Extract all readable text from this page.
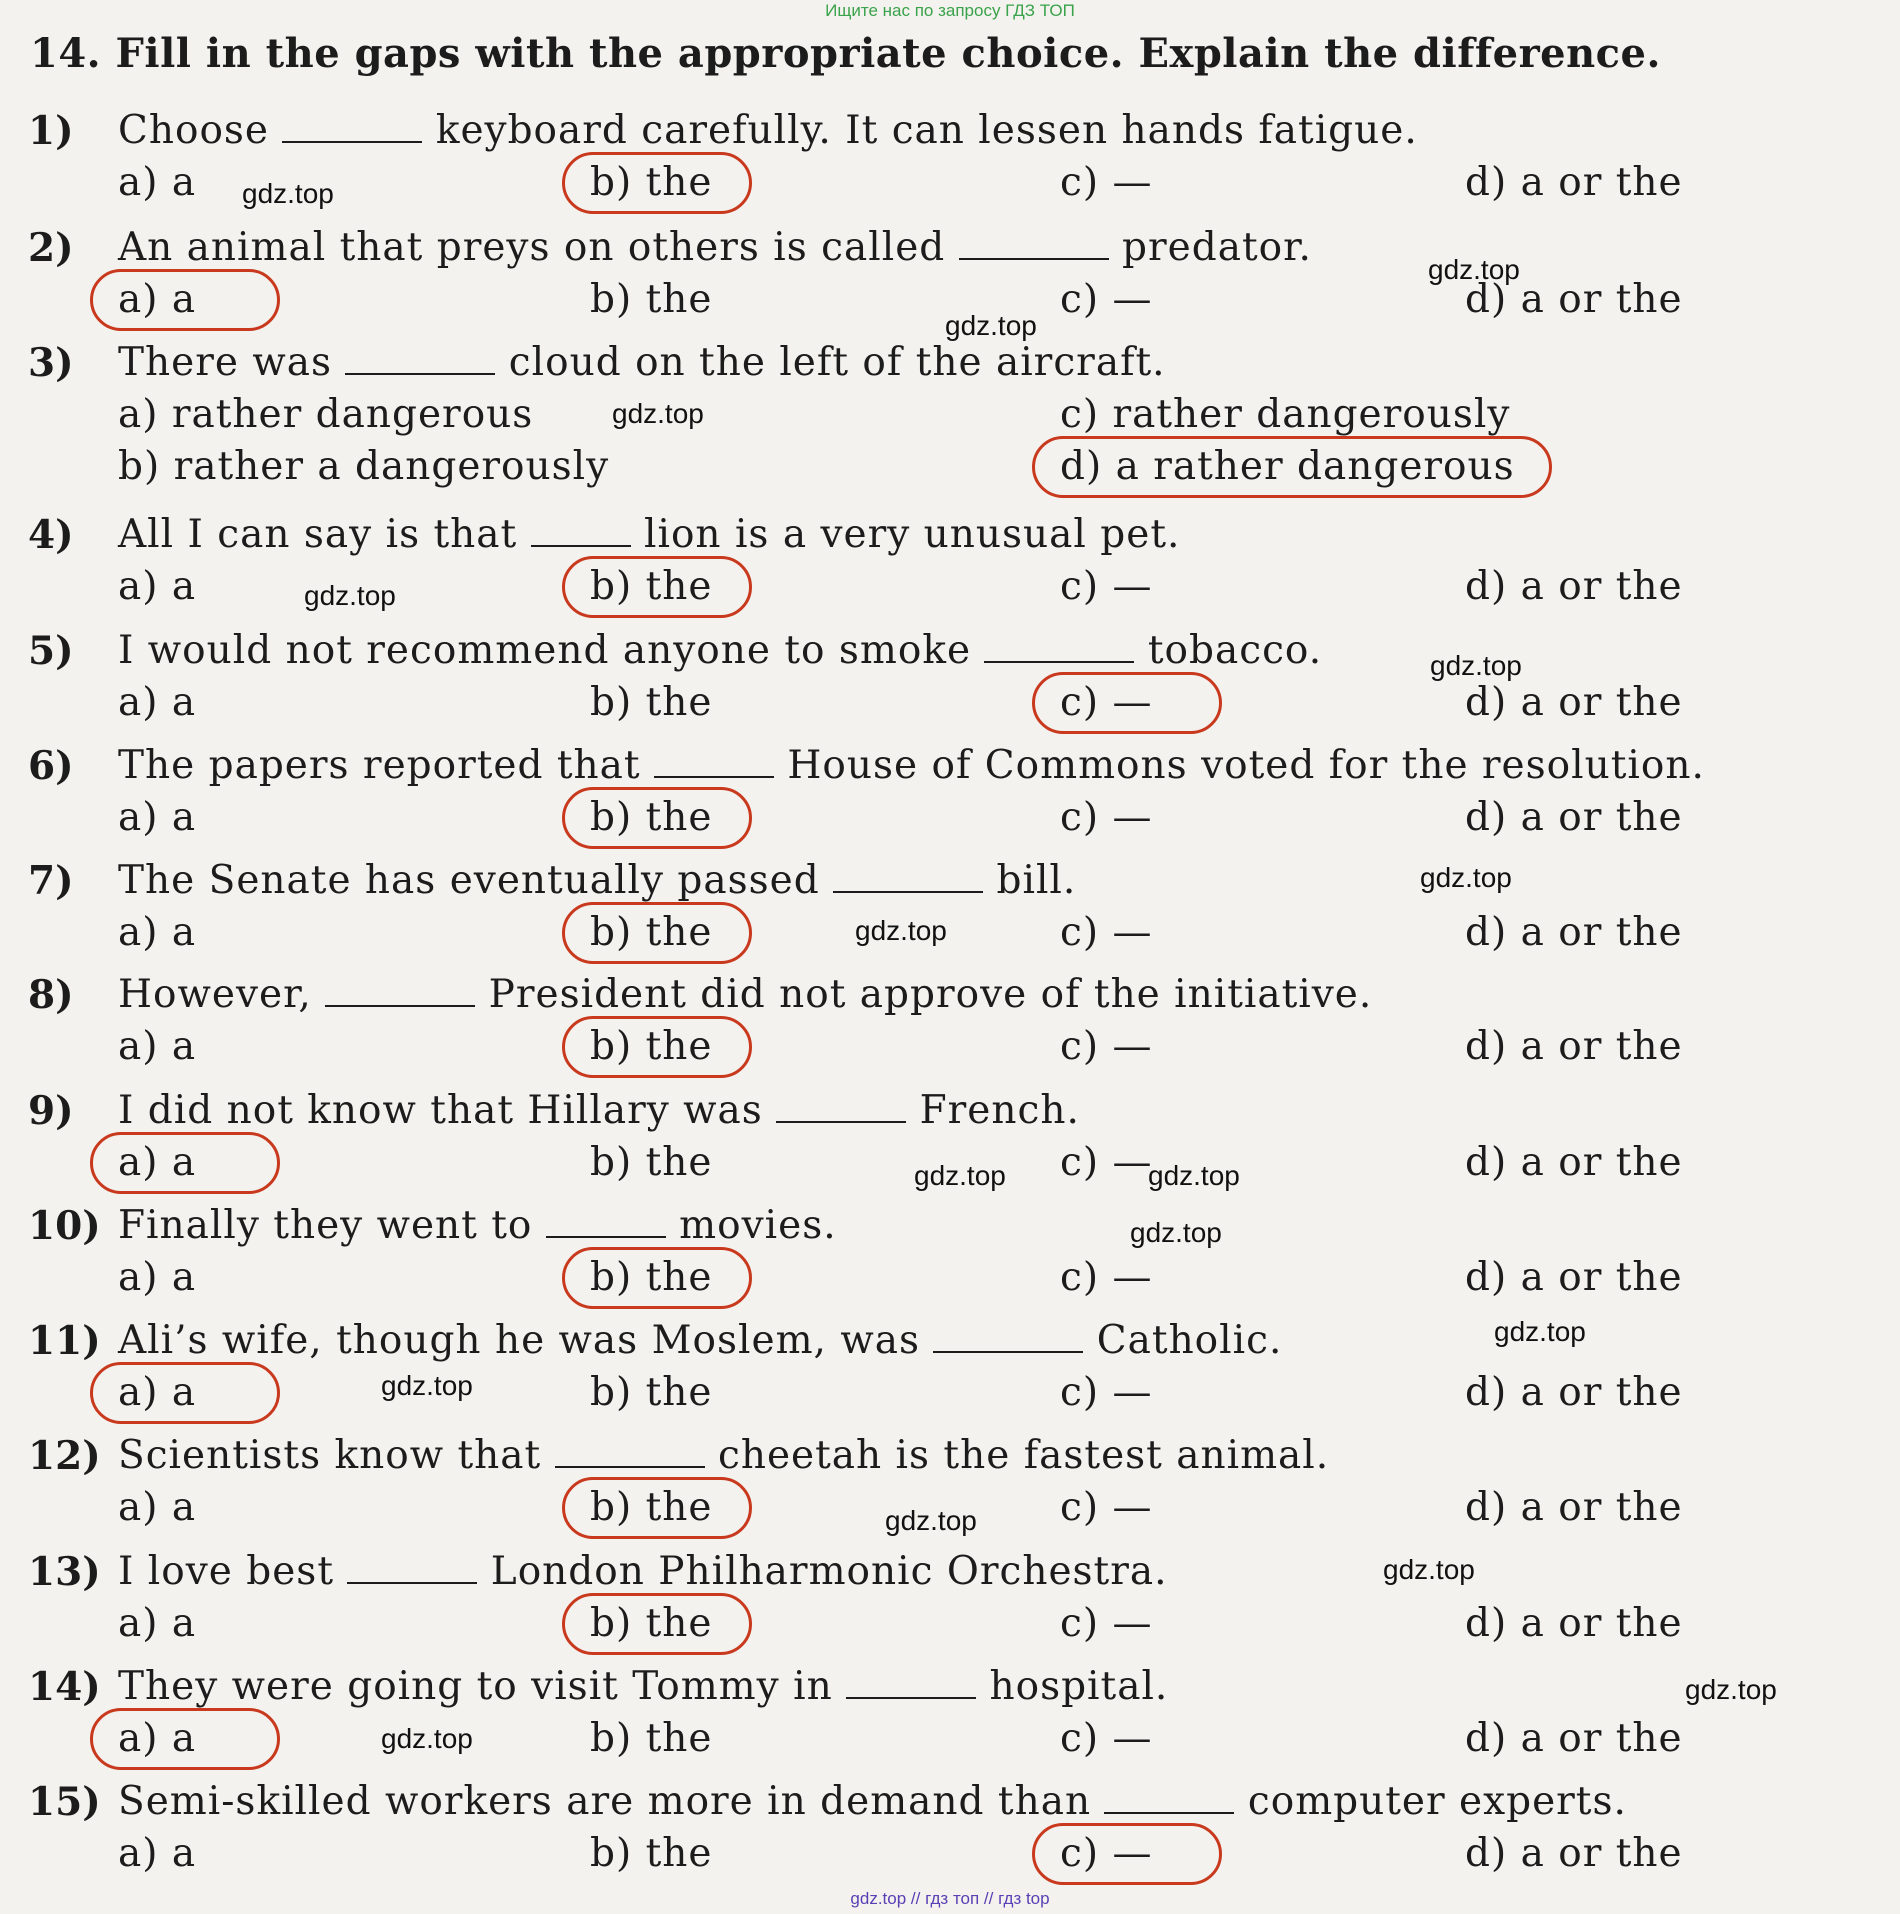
Ищите нас по запросу ГДЗ ТОП
14. Fill in the gaps with the appropriate choice. Explain the difference.
1)	Choose	keyboard carefully. It can lessen hands fatigue.
a) a	b) the	c) —	d) a or the
2)	An animal that preys on others is called	predator.
a) a	b) the	c) —	d) a or the
3)	There was	cloud on the left of the aircraft.
a) rather dangerous
b) rather a dangerously
c) rather dangerously
d) a rather dangerous
4)	All I can say is that	lion is a very unusual pet.
a) a	b) the	c) —	d) a or the
5)	I would not recommend anyone to smoke	tobacco.
a) a	b) the	c) —	d) a or the
6)	The papers reported that	House of Commons voted for the resolution.
a) a	b) the	c) —	d) a or the
7)	The Senate has eventually passed	bill.
a) a	b) the	c) —	d) a or the
8)	However,	President did not approve of the initiative.
a) a	b) the	c) —	d) a or the
9)	I did not know that Hillary was	French.
a) a	b) the	c) —	d) a or the
10) Finally they went to	movies.
a) a	b) the	c) —	d) a or the
11) Ali’s wife, though he was Moslem, was	Catholic.
a) a	b) the	c) —	d) a or the
12) Scientists know that	cheetah is the fastest animal.
a) a	b) the	c) —	d) a or the
13) I love best	London Philharmonic Orchestra.
a) a	b) the	c) —	d) a or the
14) They were going to visit Tommy in	hospital.
a) a	b) the	c) —	d) a or the
15) Semi-skilled workers are more in demand than	computer experts.
a) a	b) the	c) —	d) a or the
gdz.top
gdz.top
gdz.top
gdz.top
gdz.top
gdz.top
gdz.top
gdz.top
gdz.top
gdz.top
gdz.top
gdz.top
gdz.top
gdz.top
gdz.top
gdz.top
gdz.top
gdz.top // гдз топ // гдз top
